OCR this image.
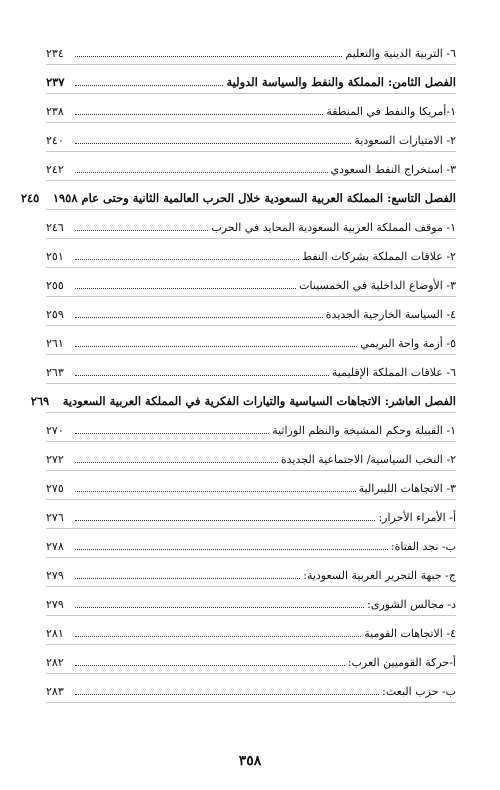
٦- التربية الدينية والتعليم
٢٣٤
الفصل الثامن: المملكة والنفط والسياسة الدولية
٢٣٧
١-أمريكا والنفط في المنطقة
٢٣٨
٢- الامتيازات السعودية
٢٤٠
٣- استخراج النفط السعودي
٢٤٢
الفصل التاسع: المملكة العربية السعودية خلال الحرب العالمية الثانية وحتى عام ١٩٥٨
٢٤٥
١- موقف المملكة العربية السعودية المحايد في الحرب
٢٤٦
٢- علاقات المملكة بشركات النفط
٢٥١
٣- الأوضاع الداخلية في الخمسينات
٢٥٥
٤- السياسة الخارجية الجديدة
٢٥٩
٥- أزمة واحة البريمي
٢٦١
٦- علاقات المملكة الإقليمية
٢٦٣
الفصل العاشر: الاتجاهات السياسية والتيارات الفكرية في المملكة العربية السعودية
٢٦٩
١- القبيلة وحكم المشيخة والنظم الوراثية
٢٧٠
٢- النخب السياسية/ الاجتماعية الجديدة
٢٧٢
٣- الاتجاهات الليبرالية
٢٧٥
أ- الأمراء الأحرار:
٢٧٦
ب- نجد الفتاة:
٢٧٨
ج- جبهة التحرير العربية السعودية:
٢٧٩
د- مجالس الشورى:
٢٧٩
٤- الاتجاهات القومية
٢٨١
أ-حركة القوميين العرب:
٢٨٢
ب- حزب البعث:
٢٨٣
٣٥٨
